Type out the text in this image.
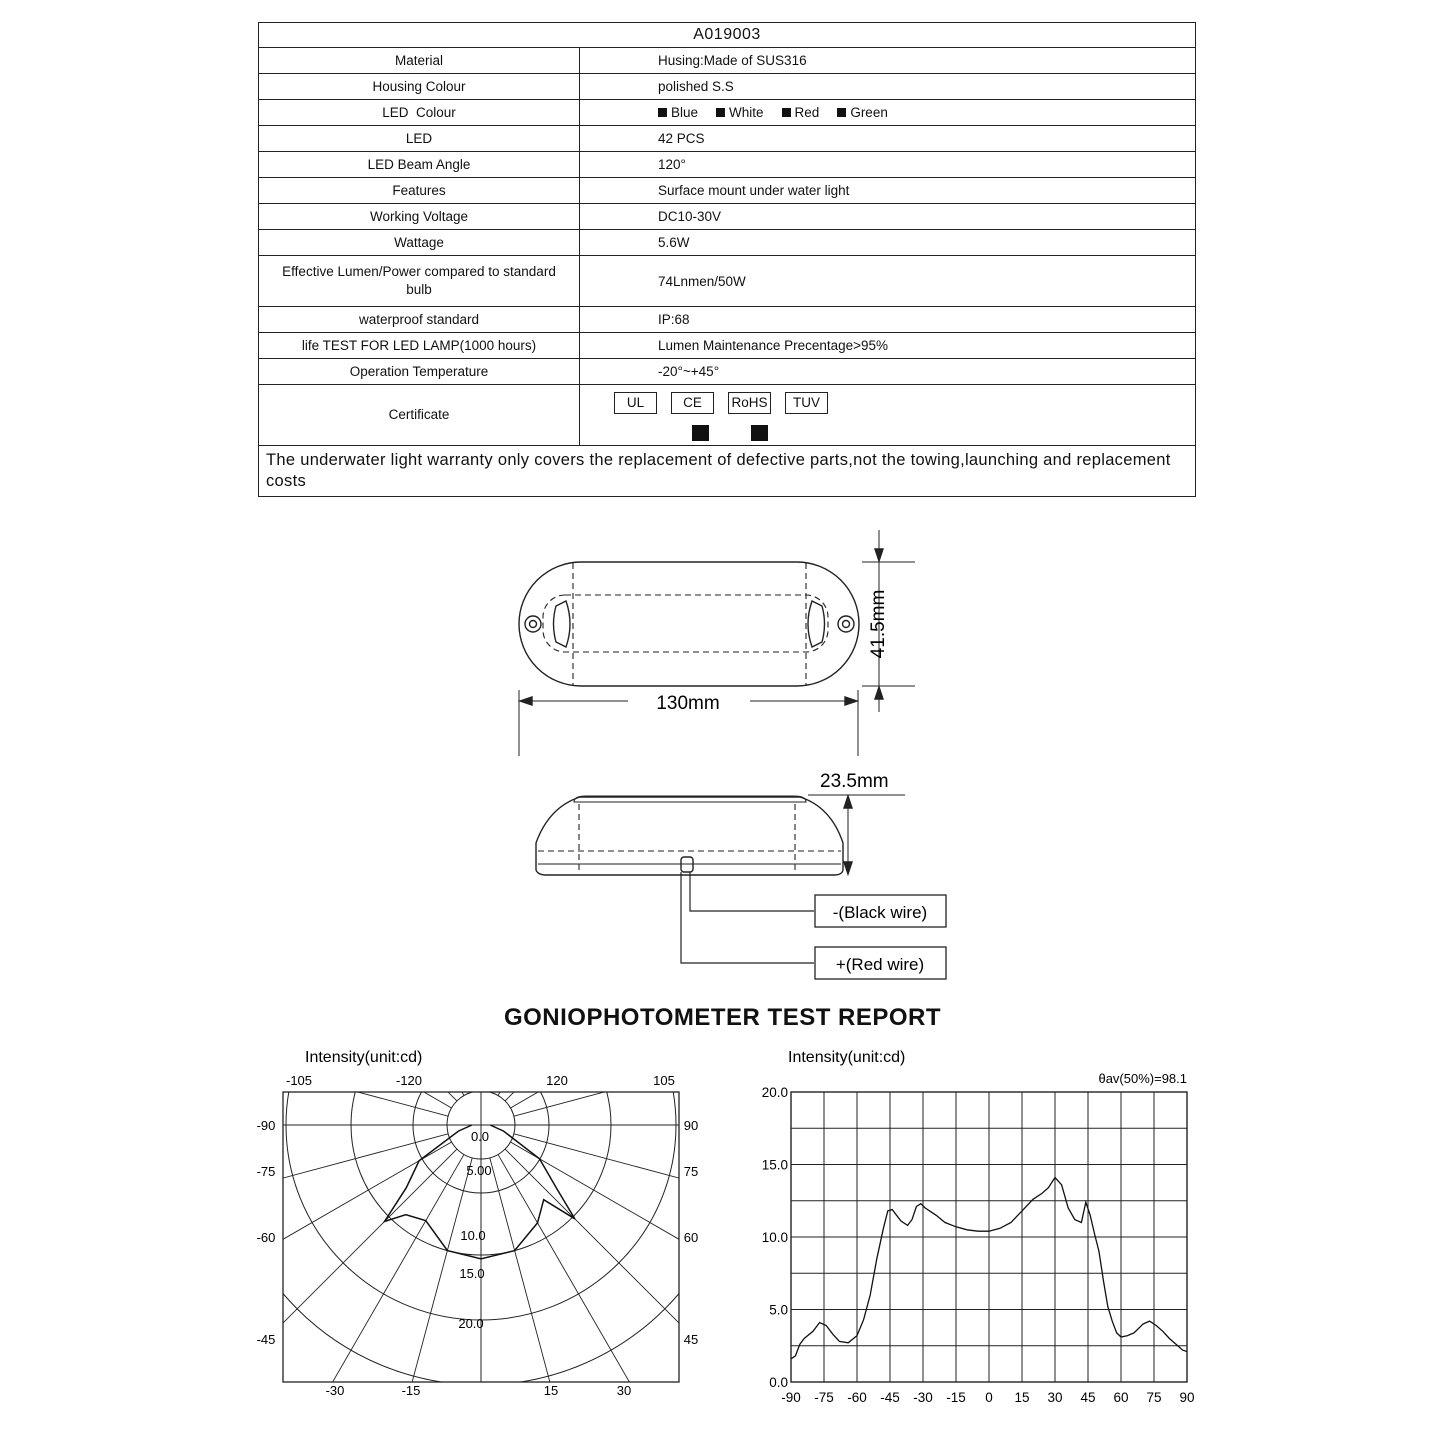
A019003	
Material	Husing:Made of SUS316
Housing Colour	polished S.S
LED  Colour	Blue White Red Green
LED	42 PCS
LED Beam Angle	120°
Features	Surface mount under water light
Working Voltage	DC10-30V
Wattage	5.6W
Effective Lumen/Power compared to standard bulb	74Lnmen/50W
waterproof standard	IP:68
life TEST FOR LED LAMP(1000 hours)	Lumen Maintenance Precentage>95%
Operation Temperature	-20°~+45°
Certificate	UL CE RoHS TUV

The underwater light warranty only covers the replacement of defective parts,not the towing,launching and replacement costs	
130mm
41.5mm
23.5mm
-(Black wire)
+(Red wire)
0.0
5.00
10.0
15.0
20.0
-105	-120	120	105
-90
-75
-60
-45
90
75
60
45
-30	-15	15	30
Intensity(unit:cd)
-90 -75 -60 -45 -30 -15 0 15 30 45 60 75 90
0.0
5.0
10.0
15.0
20.0
Intensity(unit:cd)
θav(50%)=98.1
GONIOPHOTOMETER TEST REPORT
